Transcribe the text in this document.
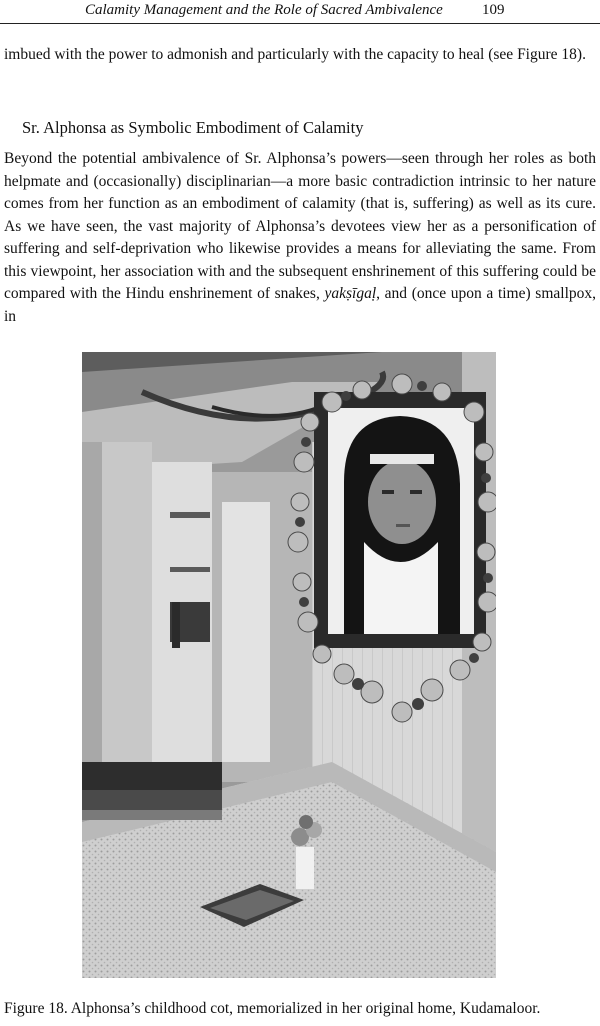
Calamity Management and the Role of Sacred Ambivalence	109

imbued with the power to admonish and particularly with the capacity to heal (see Figure 18).

Sr. Alphonsa as Symbolic Embodiment of Calamity

Beyond the potential ambivalence of Sr. Alphonsa’s powers—seen through her roles as both helpmate and (occasionally) disciplinarian—a more basic contradiction intrinsic to her nature comes from her function as an embodiment of calamity (that is, suffering) as well as its cure. As we have seen, the vast majority of Alphonsa’s devotees view her as a personification of suffering and self-deprivation who likewise provides a means for alleviating the same. From this viewpoint, her association with and the subsequent enshrinement of this suffering could be compared with the Hindu enshrinement of snakes, yakṣīgaḷ, and (once upon a time) smallpox, in

Figure 18. Alphonsa’s childhood cot, memorialized in her original home, Kudamaloor.
